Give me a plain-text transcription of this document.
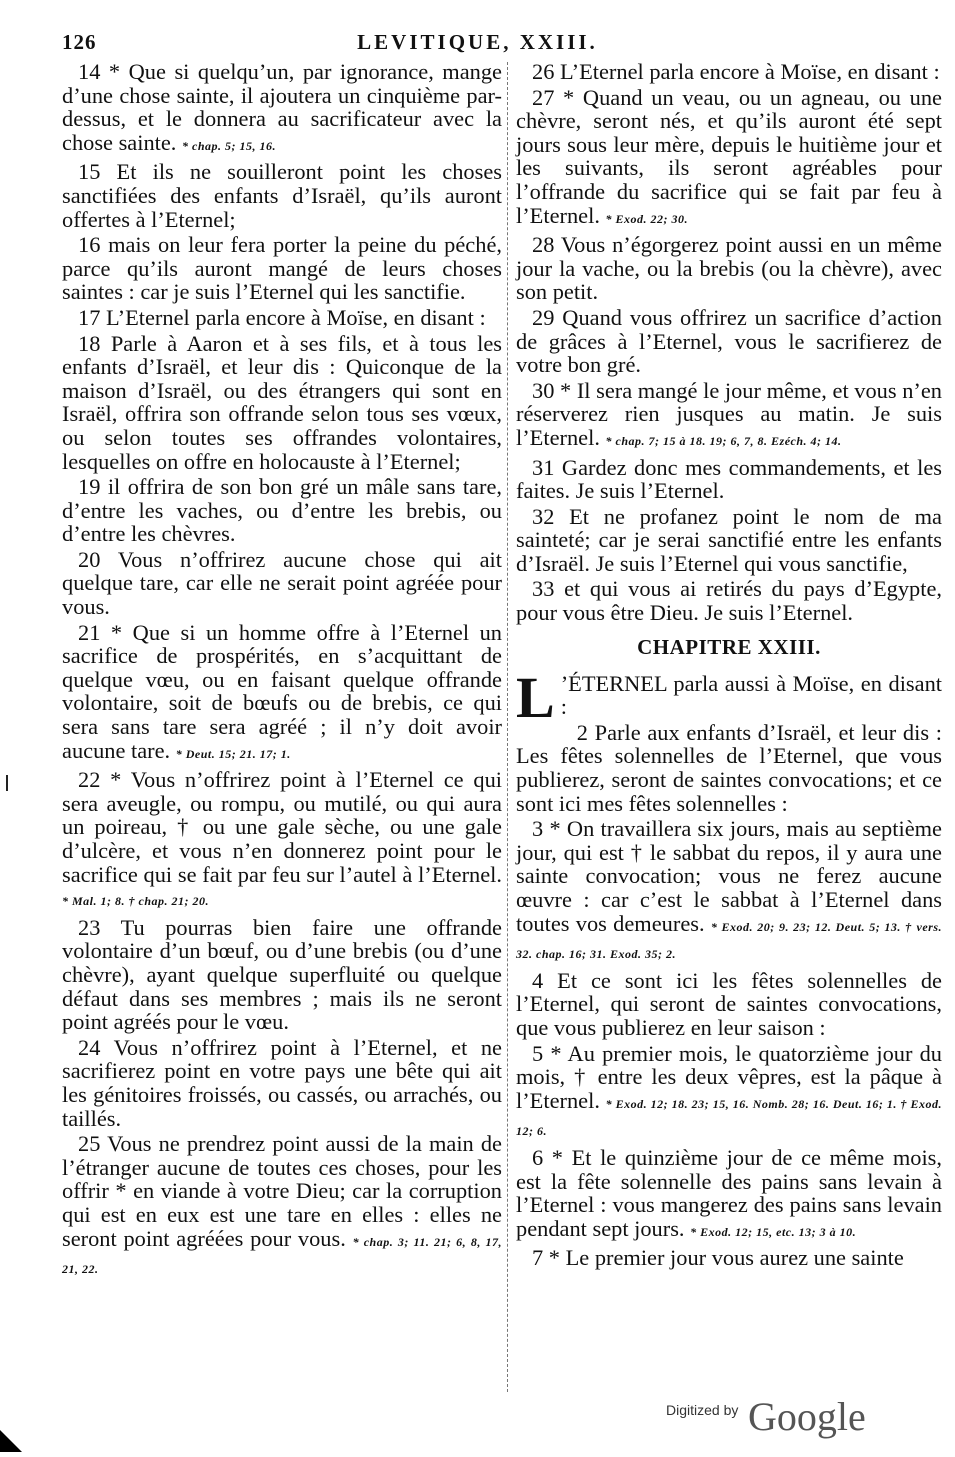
126	LEVITIQUE, XXIII.

14 * Que si quelqu’un, par ignorance, mange d’une chose sainte, il ajoutera un cinquième par-dessus, et le donnera au sacrificateur avec la chose sainte. * chap. 5; 15, 16.

15 Et ils ne souilleront point les choses sanctifiées des enfants d’Israël, qu’ils auront offertes à l’Eternel;

16 mais on leur fera porter la peine du péché, parce qu’ils auront mangé de leurs choses saintes : car je suis l’Eternel qui les sanctifie.

17 L’Eternel parla encore à Moïse, en disant :

18 Parle à Aaron et à ses fils, et à tous les enfants d’Israël, et leur dis : Quiconque de la maison d’Israël, ou des étrangers qui sont en Israël, offrira son offrande selon tous ses vœux, ou selon toutes ses offrandes volontaires, lesquelles on offre en holocauste à l’Eternel;

19 il offrira de son bon gré un mâle sans tare, d’entre les vaches, ou d’entre les brebis, ou d’entre les chèvres.

20 Vous n’offrirez aucune chose qui ait quelque tare, car elle ne serait point agréée pour vous.

21 * Que si un homme offre à l’Eternel un sacrifice de prospérités, en s’acquittant de quelque vœu, ou en faisant quelque offrande volontaire, soit de bœufs ou de brebis, ce qui sera sans tare sera agréé ; il n’y doit avoir aucune tare. * Deut. 15; 21. 17; 1.

22 * Vous n’offrirez point à l’Eternel ce qui sera aveugle, ou rompu, ou mutilé, ou qui aura un poireau, † ou une gale sèche, ou une gale d’ulcère, et vous n’en donnerez point pour le sacrifice qui se fait par feu sur l’autel à l’Eternel. * Mal. 1; 8. † chap. 21; 20.

23 Tu pourras bien faire une offrande volontaire d’un bœuf, ou d’une brebis (ou d’une chèvre), ayant quelque superfluité ou quelque défaut dans ses membres ; mais ils ne seront point agréés pour le vœu.

24 Vous n’offrirez point à l’Eternel, et ne sacrifierez point en votre pays une bête qui ait les génitoires froissés, ou cassés, ou arrachés, ou taillés.

25 Vous ne prendrez point aussi de la main de l’étranger aucune de toutes ces choses, pour les offrir * en viande à votre Dieu; car la corruption qui est en eux est une tare en elles : elles ne seront point agréées pour vous. * chap. 3; 11. 21; 6, 8, 17, 21, 22.

26 L’Eternel parla encore à Moïse, en disant :

27 * Quand un veau, ou un agneau, ou une chèvre, seront nés, et qu’ils auront été sept jours sous leur mère, depuis le huitième jour et les suivants, ils seront agréables pour l’offrande du sacrifice qui se fait par feu à l’Eternel. * Exod. 22; 30.

28 Vous n’égorgerez point aussi en un même jour la vache, ou la brebis (ou la chèvre), avec son petit.

29 Quand vous offrirez un sacrifice d’action de grâces à l’Eternel, vous le sacrifierez de votre bon gré.

30 * Il sera mangé le jour même, et vous n’en réserverez rien jusques au matin. Je suis l’Eternel. * chap. 7; 15 à 18. 19; 6, 7, 8. Ezéch. 4; 14.

31 Gardez donc mes commandements, et les faites. Je suis l’Eternel.

32 Et ne profanez point le nom de ma sainteté; car je serai sanctifié entre les enfants d’Israël. Je suis l’Eternel qui vous sanctifie,

33 et qui vous ai retirés du pays d’Egypte, pour vous être Dieu. Je suis l’Eternel.

CHAPITRE XXIII.
L ’ÉTERNEL parla aussi à Moïse, en disant :

2 Parle aux enfants d’Israël, et leur dis : Les fêtes solennelles de l’Eternel, que vous publierez, seront de saintes convocations; et ce sont ici mes fêtes solennelles :

3 * On travaillera six jours, mais au septième jour, qui est † le sabbat du repos, il y aura une sainte convocation; vous ne ferez aucune œuvre : car c’est le sabbat à l’Eternel dans toutes vos demeures. * Exod. 20; 9. 23; 12. Deut. 5; 13. † vers. 32. chap. 16; 31. Exod. 35; 2.

4 Et ce sont ici les fêtes solennelles de l’Eternel, qui seront de saintes convocations, que vous publierez en leur saison :

5 * Au premier mois, le quatorzième jour du mois, † entre les deux vêpres, est la pâque à l’Eternel. * Exod. 12; 18. 23; 15, 16. Nomb. 28; 16. Deut. 16; 1. † Exod. 12; 6.

6 * Et le quinzième jour de ce même mois, est la fête solennelle des pains sans levain à l’Eternel : vous mangerez des pains sans levain pendant sept jours. * Exod. 12; 15, etc. 13; 3 à 10.

7 * Le premier jour vous aurez une sainte

Digitized by Google
